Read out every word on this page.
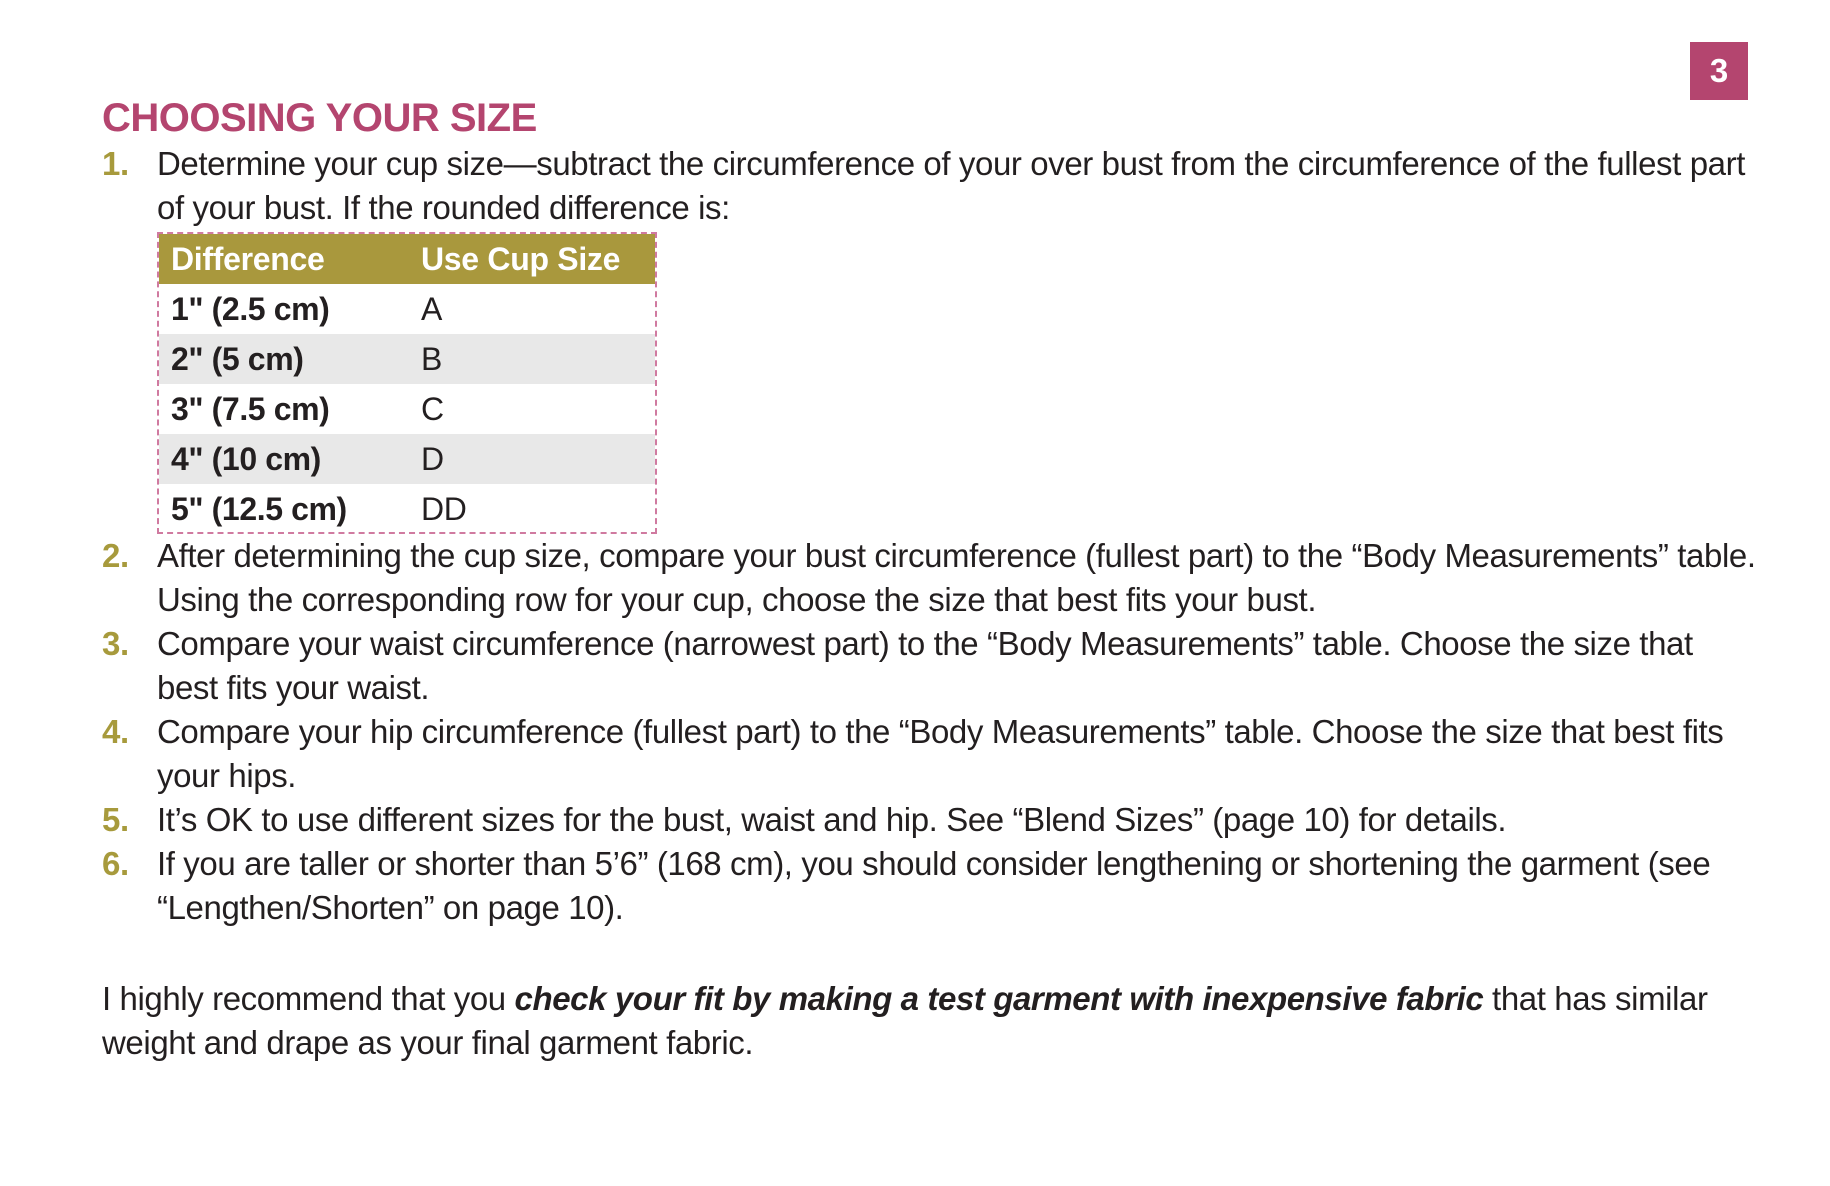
3
CHOOSING YOUR SIZE
1. Determine your cup size—subtract the circumference of your over bust from the circumference of the fullest part of your bust. If the rounded difference is:
Difference	Use Cup Size
1" (2.5 cm)	A
2" (5 cm)	B
3" (7.5 cm)	C
4" (10 cm)	D
5" (12.5 cm)	DD
2. After determining the cup size, compare your bust circumference (fullest part) to the “Body Measurements” table. Using the corresponding row for your cup, choose the size that best fits your bust.
3. Compare your waist circumference (narrowest part) to the “Body Measurements” table. Choose the size that best fits your waist.
4. Compare your hip circumference (fullest part) to the “Body Measurements” table. Choose the size that best fits your hips.
5. It’s OK to use different sizes for the bust, waist and hip. See “Blend Sizes” (page 10) for details.
6. If you are taller or shorter than 5’6” (168 cm), you should consider lengthening or shortening the garment (see “Lengthen/Shorten” on page 10).

I highly recommend that you check your fit by making a test garment with inexpensive fabric that has similar weight and drape as your final garment fabric.
